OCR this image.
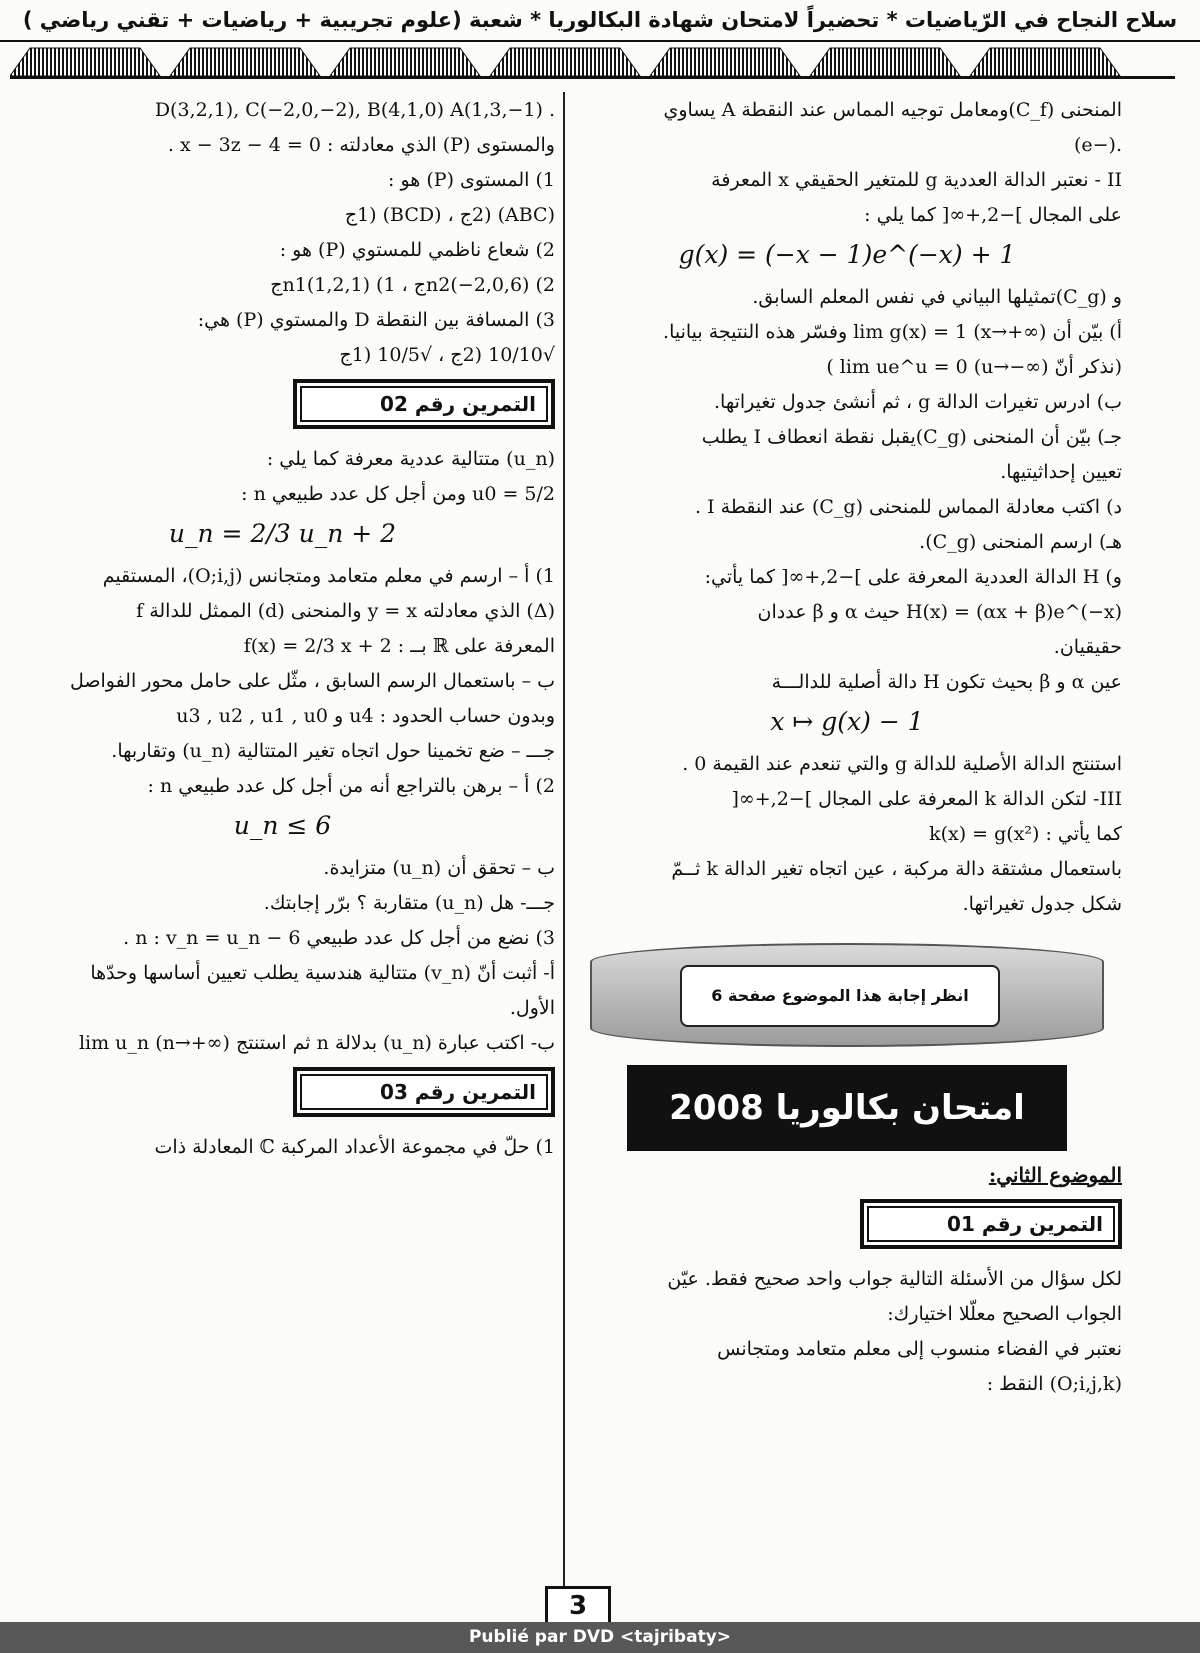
سلاح النجاح في الرّياضيات * تحضيراً لامتحان شهادة البكالوريا * شعبة (علوم تجريبية + رياضيات + تقني رياضي )
المنحنى (C_f)ومعامل توجيه المماس عند النقطة A يساوي
.(−e)
II - نعتبر الدالة العددية g للمتغير الحقيقي x المعرفة
على المجال ]−2,+∞[ كما يلي :
g(x) = (−x − 1)e^(−x) + 1
و (C_g)تمثيلها البياني في نفس المعلم السابق.
أ) بيّن أن lim g(x) = 1 (x→+∞) وفسّر هذه النتيجة بيانيا.
(نذكر أنّ lim ue^u = 0 (u→−∞) )
ب) ادرس تغيرات الدالة g ، ثم أنشئ جدول تغيراتها.
جـ) بيّن أن المنحنى (C_g)يقبل نقطة انعطاف I يطلب
تعيين إحداثيتيها.
د) اكتب معادلة المماس للمنحنى (C_g) عند النقطة I .
هـ) ارسم المنحنى (C_g).
و) H الدالة العددية المعرفة على ]−2,+∞[ كما يأتي:
H(x) = (αx + β)e^(−x) حيث α و β عددان
حقيقيان.
عين α و β بحيث تكون H دالة أصلية للدالـــة
x ↦ g(x) − 1
استنتج الدالة الأصلية للدالة g والتي تنعدم عند القيمة 0 .
III- لتكن الدالة k المعرفة على المجال ]−2,+∞[
كما يأتي : k(x) = g(x²)
باستعمال مشتقة دالة مركبة ، عين اتجاه تغير الدالة k ثــمّ
شكل جدول تغيراتها.
انظر إجابة هذا الموضوع صفحة 6
امتحان بكالوريا 2008
الموضوع الثاني:
التمرين رقم 01
لكل سؤال من الأسئلة التالية جواب واحد صحيح فقط. عيّن
الجواب الصحيح معلّلا اختيارك:
نعتبر في الفضاء منسوب إلى معلم متعامد ومتجانس
(O;i,j,k) النقط :
. D(3,2,1), C(−2,0,−2), B(4,1,0) A(1,3,−1)
والمستوى (P) الذي معادلته : x − 3z − 4 = 0 .
1) المستوى (P) هو :
(ABC) (2ج ، (BCD) (1ج
2) شعاع ناظمي للمستوي (P) هو :
n2(−2,0,6) (2ج ، n1(1,2,1) (1ج
3) المسافة بين النقطة D والمستوي (P) هي:
√10/10 (2ج ، √10/5 (1ج
التمرين رقم 02
(u_n) متتالية عددية معرفة كما يلي :
u0 = 5/2 ومن أجل كل عدد طبيعي n :
u_n = 2/3 u_n + 2
1) أ – ارسم في معلم متعامد ومتجانس (O;i,j)، المستقيم
(Δ) الذي معادلته y = x والمنحنى (d) الممثل للدالة f
المعرفة على ℝ بــ : f(x) = 2/3 x + 2
ب – باستعمال الرسم السابق ، مثّل على حامل محور الفواصل
وبدون حساب الحدود : u4 و u3 , u2 , u1 , u0
جـــ – ضع تخمينا حول اتجاه تغير المتتالية (u_n) وتقاربها.
2) أ – برهن بالتراجع أنه من أجل كل عدد طبيعي n :
u_n ≤ 6
ب – تحقق أن (u_n) متزايدة.
جـــ- هل (u_n) متقاربة ؟ برّر إجابتك.
3) نضع من أجل كل عدد طبيعي n : v_n = u_n − 6 .
أ- أثبت أنّ (v_n) متتالية هندسية يطلب تعيين أساسها وحدّها
الأول.
ب- اكتب عبارة (u_n) بدلالة n ثم استنتج lim u_n (n→+∞)
التمرين رقم 03
1) حلّ في مجموعة الأعداد المركبة ℂ المعادلة ذات
3
Publié par DVD <tajribaty>
